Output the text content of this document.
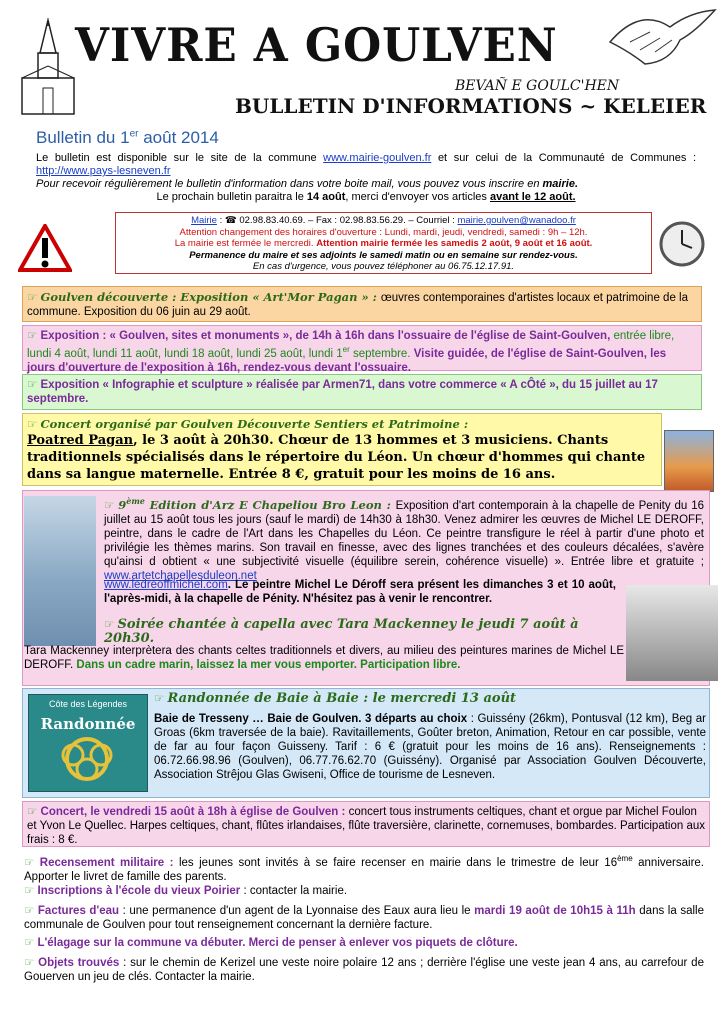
VIVRE A GOULVEN
BEVAÑ E GOULC'HEN
BULLETIN D'INFORMATIONS ~ KELEIER
Bulletin du 1er août 2014
Le bulletin est disponible sur le site de la commune www.mairie-goulven.fr et sur celui de la Communauté de Communes : http://www.pays-lesneven.fr
Pour recevoir régulièrement le bulletin d'information dans votre boite mail, vous pouvez vous inscrire en mairie.

Le prochain bulletin paraitra le 14 août, merci d'envoyer vos articles avant le 12 août.
Mairie : ☎ 02.98.83.40.69. – Fax : 02.98.83.56.29. – Courriel : mairie.goulven@wanadoo.fr
Attention changement des horaires d'ouverture : Lundi, mardi, jeudi, vendredi, samedi : 9h – 12h.
La mairie est fermée le mercredi. Attention mairie fermée les samedis 2 août, 9 août et 16 août.
Permanence du maire et ses adjoints le samedi matin ou en semaine sur rendez-vous.
En cas d'urgence, vous pouvez téléphoner au 06.75.12.17.91.
☞ Goulven découverte : Exposition « Art'Mor Pagan » : œuvres contemporaines d'artistes locaux et patrimoine de la commune. Exposition du 06 juin au 29 août.
☞ Exposition : « Goulven, sites et monuments », de 14h à 16h dans l'ossuaire de l'église de Saint-Goulven, entrée libre, lundi 4 août, lundi 11 août, lundi 18 août, lundi 25 août, lundi 1er septembre. Visite guidée, de l'église de Saint-Goulven, les jours d'ouverture de l'exposition à 16h, rendez-vous devant l'ossuaire.
☞ Exposition « Infographie et sculpture » réalisée par Armen71, dans votre commerce « A cÔté », du 15 juillet au 17 septembre.
☞ Concert organisé par Goulven Découverte Sentiers et Patrimoine :
Poatred Pagan, le 3 août à 20h30. Chœur de 13 hommes et 3 musiciens. Chants traditionnels spécialisés dans le répertoire du Léon. Un chœur d'hommes qui chante dans sa langue maternelle. Entrée 8 €, gratuit pour les moins de 16 ans.
☞ 9ème Edition d'Arz E Chapeliou Bro Leon : Exposition d'art contemporain à la chapelle de Penity du 16 juillet au 15 août tous les jours (sauf le mardi) de 14h30 à 18h30. Venez admirer les œuvres de Michel LE DEROFF, peintre, dans le cadre de l'Art dans les Chapelles du Léon. Ce peintre transfigure le réel à partir d'une photo et privilégie les thèmes marins. Son travail en finesse, avec des lignes tranchées et des couleurs décalées, s'avère qu'ainsi d obtient « une subjectivité visuelle (équilibre serein, cohérence visuelle) ». Entrée libre et gratuite ; www.artetchapellesduleon.net
www.ledreoffmichel.com. Le peintre Michel Le Déroff sera présent les dimanches 3 et 10 août, l'après-midi, à la chapelle de Pénity. N'hésitez pas à venir le rencontrer.
☞ Soirée chantée à capella avec Tara Mackenney le jeudi 7 août à 20h30.
Tara Mackenney interprètera des chants celtes traditionnels et divers, au milieu des peintures marines de Michel LE DEROFF. Dans un cadre marin, laissez la mer vous emporter. Participation libre.
Côte des Légendes
Randonnée
☞ Randonnée de Baie à Baie : le mercredi 13 août
Baie de Tresseny … Baie de Goulven. 3 départs au choix : Guissény (26km), Pontusval (12 km), Beg ar Groas (6km traversée de la baie). Ravitaillements, Goûter breton, Animation, Retour en car possible, vente de far au four façon Guisseny. Tarif : 6 € (gratuit pour les moins de 16 ans). Renseignements : 06.72.66.98.96 (Goulven), 06.77.76.62.70 (Guissény). Organisé par Association Goulven Découverte, Association Strêjou Glas Gwiseni, Office de tourisme de Lesneven.
☞ Concert, le vendredi 15 août à 18h à église de Goulven : concert tous instruments celtiques, chant et orgue par Michel Foulon et Yvon Le Quellec. Harpes celtiques, chant, flûtes irlandaises, flûte traversière, clarinette, cornemuses, bombardes. Participation aux frais : 8 €.
☞ Recensement militaire : les jeunes sont invités à se faire recenser en mairie dans le trimestre de leur 16ème anniversaire. Apporter le livret de famille des parents.
☞ Inscriptions à l'école du vieux Poirier : contacter la mairie.
☞ Factures d'eau : une permanence d'un agent de la Lyonnaise des Eaux aura lieu le mardi 19 août de 10h15 à 11h dans la salle communale de Goulven pour tout renseignement concernant la dernière facture.
☞ L'élagage sur la commune va débuter. Merci de penser à enlever vos piquets de clôture.
☞ Objets trouvés : sur le chemin de Kerizel une veste noire polaire 12 ans ; derrière l'église une veste jean 4 ans, au carrefour de Gouerven un jeu de clés. Contacter la mairie.
